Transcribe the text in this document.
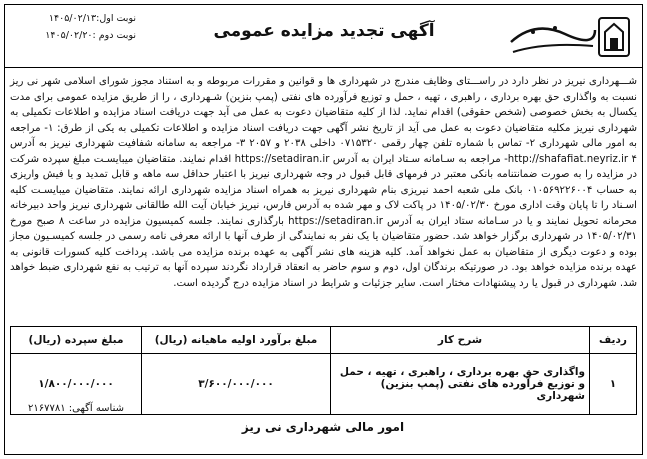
آگهی تجدید مزایده عمومی
نوبت اول:۱۴۰۵/۰۲/۱۳
نوبت دوم :۱۴۰۵/۰۲/۲۰
شـــهرداری نیریز در نظر دارد در راســـتای وظایف مندرج در شهرداری ها و قوانین و مقررات مربوطه و به استناد مجوز شورای اسلامی شهر نی ریز نسبت به واگذاری حق بهره برداری ، راهبری ، تهیه ، حمل و توزیع فرآورده های نفتی (پمپ بنزین) شـهرداری ، را از طریق مزایده عمومی برای مدت یکسال به بخش خصوصی (شخص حقوقی) اقدام نماید. لذا از کلیه متقاضیان دعوت به عمل می آید جهت دریافت اسناد مزایده و اطلاعات تکمیلی به شهرداری نیریز مکلیه متقاضیان دعوت به عمل می آید از تاریخ نشر آگهی جهت دریافت اسناد مزایده و اطلاعات تکمیلی به یکی از طرق: ۱- مراجعه به امور مالی شهرداری ۲- تماس با شماره تلفن چهار رقمی ۰۷۱۵۳۲۰ داخلی ۲۰۳۸ و ۲۰۵۷ ۳- مراجعه به سامانه شفافیت شهرداری نیریز به آدرس http://shafafiat.neyriz.ir ۴- مراجعه به سـامانه سـتاد ایران به آدرس https://setadiran.ir اقدام نمایند. متقاضیان میبایسـت مبلغ سپرده شرکت در مزایده را به صورت ضمانتنامه بانکی معتبر در فرمهای قابل قبول در وجه شهرداری نیریز با اعتبار حداقل سه ماهه و قابل تمدید و یا فیش واریزی به حساب ۰۱۰۵۶۹۲۲۶۰۰۴ بانک ملی شعبه احمد نیریزی بنام شهرداری نیریز به همراه اسناد مزایده شهرداری ارائه نمایند. متقاضیان میبایسـت کلیه اسـناد را تا پایان وقت اداری مورخ ۱۴۰۵/۰۲/۳۰ در پاکت لاک و مهر شده به آدرس فارس، نیریز خیابان آیت الله طالقانی شهرداری نیریز واحد دبیرخانه محرمانه تحویل نمایند و یا در سـامانه ستاد ایران به آدرس https://setadiran.ir بارگذاری نمایند. جلسه کمیسیون مزایده در ساعت ۸ صبح مورخ ۱۴۰۵/۰۲/۳۱ در شهرداری برگزار خواهد شد. حضور متقاضیان یا یک نفر به نمایندگی از طرف آنها با ارائه معرفی نامه رسمی در جلسه کمیسـیون مجاز بوده و دعوت دیگری از متقاضیان به عمل نخواهد آمد. کلیه هزینه های نشر آگهی به عهده برنده مزایده می باشد. پرداخت کلیه کسورات قانونی به عهده برنده مزایده خواهد بود. در صورتیکه برندگان اول، دوم و سوم حاضر به انعقاد قرارداد نگردند سپرده آنها به ترتیب به نفع شهرداری ضبط خواهد شد. شهرداری در قبول یا رد پیشنهادات مختار است. سایر جزئیات و شرایط در اسناد مزایده درج گردیده است.
ردیف	شرح کار	مبلغ برآورد اولیه ماهیانه (ریال)	مبلغ سپرده (ریال)
۱	واگذاری حق بهره برداری ، راهبری ، تهیه ، حمل و توزیع فرآورده های نفتی (پمپ بنزین) شهرداری	۳/۶۰۰/۰۰۰/۰۰۰	۱/۸۰۰/۰۰۰/۰۰۰
شناسه آگهی: ۲۱۶۷۷۸۱
امور مالی شهرداری نی ریز
